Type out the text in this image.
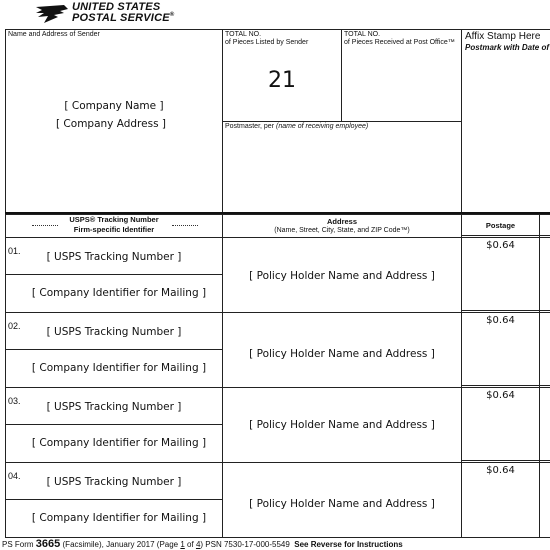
UNITED STATES
POSTAL SERVICE®
Name and Address of Sender
[ Company Name ]
[ Company Address ]
TOTAL NO.
of Pieces Listed by Sender
21
TOTAL NO.
of Pieces Received at Post Office™
Postmaster, per (name of receiving employee)
Affix Stamp Here
Postmark with Date of
USPS® Tracking Number
Firm-specific Identifier
Address
(Name, Street, City, State, and ZIP Code™)
Postage
01.	[ USPS Tracking Number ]
[ Company Identifier for Mailing ]
[ Policy Holder Name and Address ]
$0.64
02.	[ USPS Tracking Number ]
[ Company Identifier for Mailing ]
[ Policy Holder Name and Address ]
$0.64
03.	[ USPS Tracking Number ]
[ Company Identifier for Mailing ]
[ Policy Holder Name and Address ]
$0.64
04.	[ USPS Tracking Number ]
[ Company Identifier for Mailing ]
[ Policy Holder Name and Address ]
$0.64
PS Form 3665 (Facsimile), January 2017 (Page 1 of 4) PSN 7530-17-000-5549 See Reverse for Instructions
